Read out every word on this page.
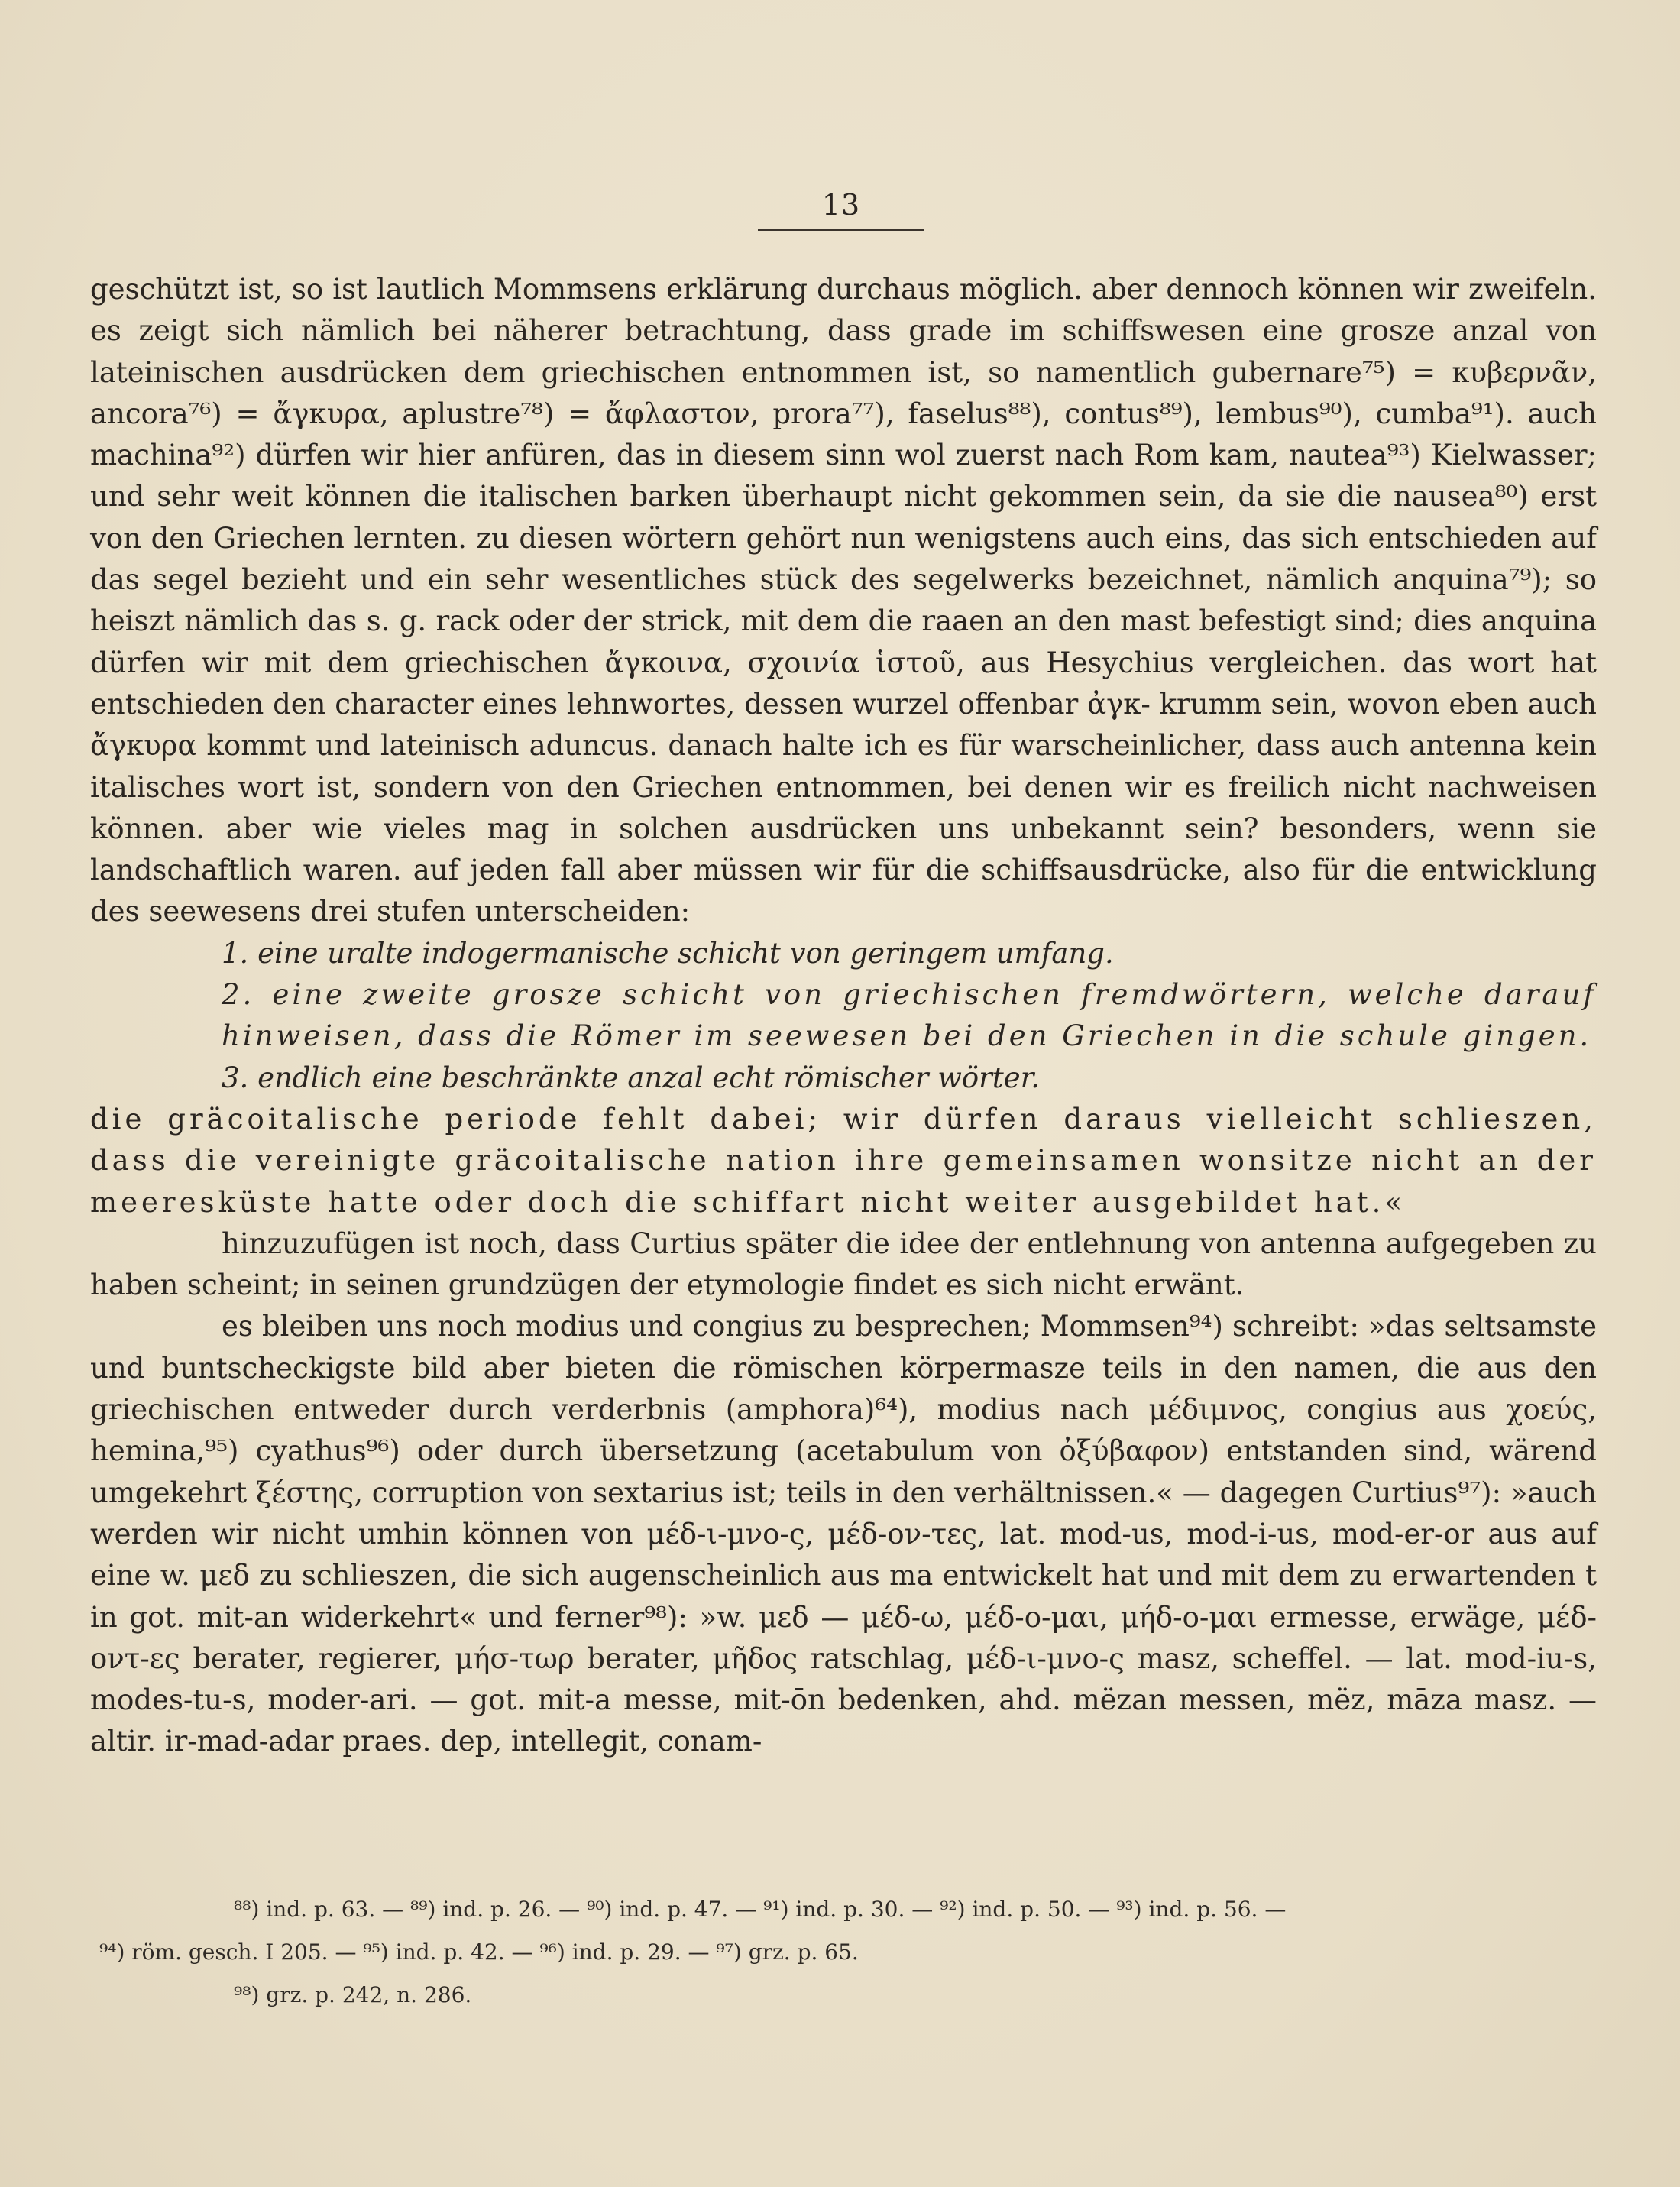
13

geschützt ist, so ist lautlich Mommsens erklärung durchaus möglich. aber dennoch können wir zweifeln. es zeigt sich nämlich bei näherer betrachtung, dass grade im schiffswesen eine grosze anzal von lateinischen ausdrücken dem griechischen entnommen ist, so namentlich gubernare⁷⁵) = κυβερνᾶν, ancora⁷⁶) = ἄγκυρα, aplustre⁷⁸) = ἄφλαστον, prora⁷⁷), faselus⁸⁸), contus⁸⁹), lembus⁹⁰), cumba⁹¹). auch machina⁹²) dürfen wir hier anfüren, das in diesem sinn wol zuerst nach Rom kam, nautea⁹³) Kielwasser; und sehr weit können die italischen barken überhaupt nicht gekommen sein, da sie die nausea⁸⁰) erst von den Griechen lernten. zu diesen wörtern gehört nun wenigstens auch eins, das sich entschieden auf das segel bezieht und ein sehr wesentliches stück des segelwerks bezeichnet, nämlich anquina⁷⁹); so heiszt nämlich das s. g. rack oder der strick, mit dem die raaen an den mast befestigt sind; dies anquina dürfen wir mit dem griechischen ἄγκοινα, σχοινία ἱστοῦ, aus Hesychius vergleichen. das wort hat entschieden den character eines lehnwortes, dessen wurzel offenbar ἀγκ- krumm sein, wovon eben auch ἄγκυρα kommt und lateinisch aduncus. danach halte ich es für warscheinlicher, dass auch antenna kein italisches wort ist, sondern von den Griechen entnommen, bei denen wir es freilich nicht nachweisen können. aber wie vieles mag in solchen ausdrücken uns unbekannt sein? besonders, wenn sie landschaftlich waren. auf jeden fall aber müssen wir für die schiffsausdrücke, also für die entwicklung des seewesens drei stufen unterscheiden:

1. eine uralte indogermanische schicht von geringem umfang.

2. eine zweite grosze schicht von griechischen fremdwörtern, welche darauf hinweisen, dass die Römer im seewesen bei den Griechen in die schule gingen.

3. endlich eine beschränkte anzal echt römischer wörter.

die gräcoitalische periode fehlt dabei; wir dürfen daraus vielleicht schlieszen, dass die vereinigte gräcoitalische nation ihre gemeinsamen wonsitze nicht an der meeresküste hatte oder doch die schiffart nicht weiter ausgebildet hat.«

hinzuzufügen ist noch, dass Curtius später die idee der entlehnung von antenna aufgegeben zu haben scheint; in seinen grundzügen der etymologie findet es sich nicht erwänt.

es bleiben uns noch modius und congius zu besprechen; Mommsen⁹⁴) schreibt: »das seltsamste und buntscheckigste bild aber bieten die römischen körpermasze teils in den namen, die aus den griechischen entweder durch verderbnis (amphora)⁶⁴), modius nach μέδιμνος, congius aus χοεύς, hemina,⁹⁵) cyathus⁹⁶) oder durch übersetzung (acetabulum von ὀξύβαφον) entstanden sind, wärend umgekehrt ξέστης, corruption von sextarius ist; teils in den verhältnissen.« — dagegen Curtius⁹⁷): »auch werden wir nicht umhin können von μέδ-ι-μνο-ς, μέδ-ον-τες, lat. mod-us, mod-i-us, mod-er-or aus auf eine w. μεδ zu schlieszen, die sich augenscheinlich aus ma entwickelt hat und mit dem zu erwartenden t in got. mit-an widerkehrt« und ferner⁹⁸): »w. μεδ — μέδ-ω, μέδ-ο-μαι, μήδ-ο-μαι ermesse, erwäge, μέδ-οντ-ες berater, regierer, μήσ-τωρ berater, μῆδος ratschlag, μέδ-ι-μνο-ς masz, scheffel. — lat. mod-iu-s, modes-tu-s, moder-ari. — got. mit-a messe, mit-ōn bedenken, ahd. mëzan messen, mëz, māza masz. — altir. ir-mad-adar praes. dep, intellegit, conam-

⁸⁸) ind. p. 63. — ⁸⁹) ind. p. 26. — ⁹⁰) ind. p. 47. — ⁹¹) ind. p. 30. — ⁹²) ind. p. 50. — ⁹³) ind. p. 56. —

⁹⁴) röm. gesch. I 205. — ⁹⁵) ind. p. 42. — ⁹⁶) ind. p. 29. — ⁹⁷) grz. p. 65.

⁹⁸) grz. p. 242, n. 286.
